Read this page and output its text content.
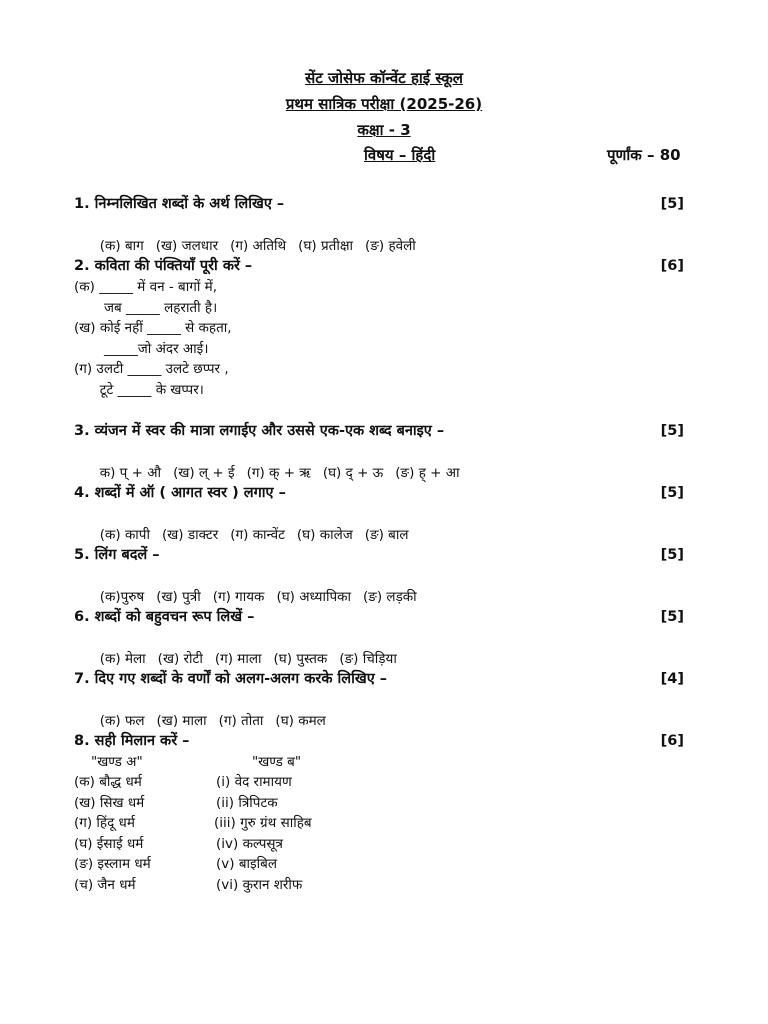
सेंट जोसेफ कॉन्वेंट हाई स्कूल
प्रथम सात्रिक परीक्षा (2025-26)
कक्षा - 3
विषय – हिंदी	पूर्णांक – 80
1. निम्नलिखित शब्दों के अर्थ लिखिए –	[5]

(क) बाग (ख) जलधार (ग) अतिथि (घ) प्रतीक्षा (ङ) हवेली

2. कविता की पंक्तियाँ पूरी करें –	[6]
(क) _____ में वन - बागों में,
जब _____ लहराती है।
(ख) कोई नहीं _____ से कहता,
_____जो अंदर आई।
(ग) उलटी _____ उलटे छप्पर ,
टूटे _____ के खप्पर।
3. व्यंजन में स्वर की मात्रा लगाईए और उससे एक-एक शब्द बनाइए –	[5]

क) प् + औ (ख) ल् + ई (ग) क् + ऋ (घ) द् + ऊ (ङ) ह् + आ

4. शब्दों में ऑ ( आगत स्वर ) लगाए –	[5]

(क) कापी (ख) डाक्टर (ग) कान्वेंट (घ) कालेज (ङ) बाल

5. लिंग बदलें –	[5]

(क)पुरुष (ख) पुत्री (ग) गायक (घ) अध्यापिका (ङ) लड़की

6. शब्दों को बहुवचन रूप लिखें –	[5]

(क) मेला (ख) रोटी (ग) माला (घ) पुस्तक (ङ) चिड़िया

7. दिए गए शब्दों के वर्णों को अलग-अलग करके लिखिए –	[4]

(क) फल (ख) माला (ग) तोता (घ) कमल

8. सही मिलान करें –	[6]
"खण्ड अ"	"खण्ड ब"
(क) बौद्ध धर्म	(i) वेद रामायण
(ख) सिख धर्म	(ii) त्रिपिटक
(ग) हिंदू धर्म	(iii) गुरु ग्रंथ साहिब
(घ) ईसाई धर्म	(iv) कल्पसूत्र
(ङ) इस्लाम धर्म	(v) बाइबिल
(च) जैन धर्म	(vi) कुरान शरीफ
